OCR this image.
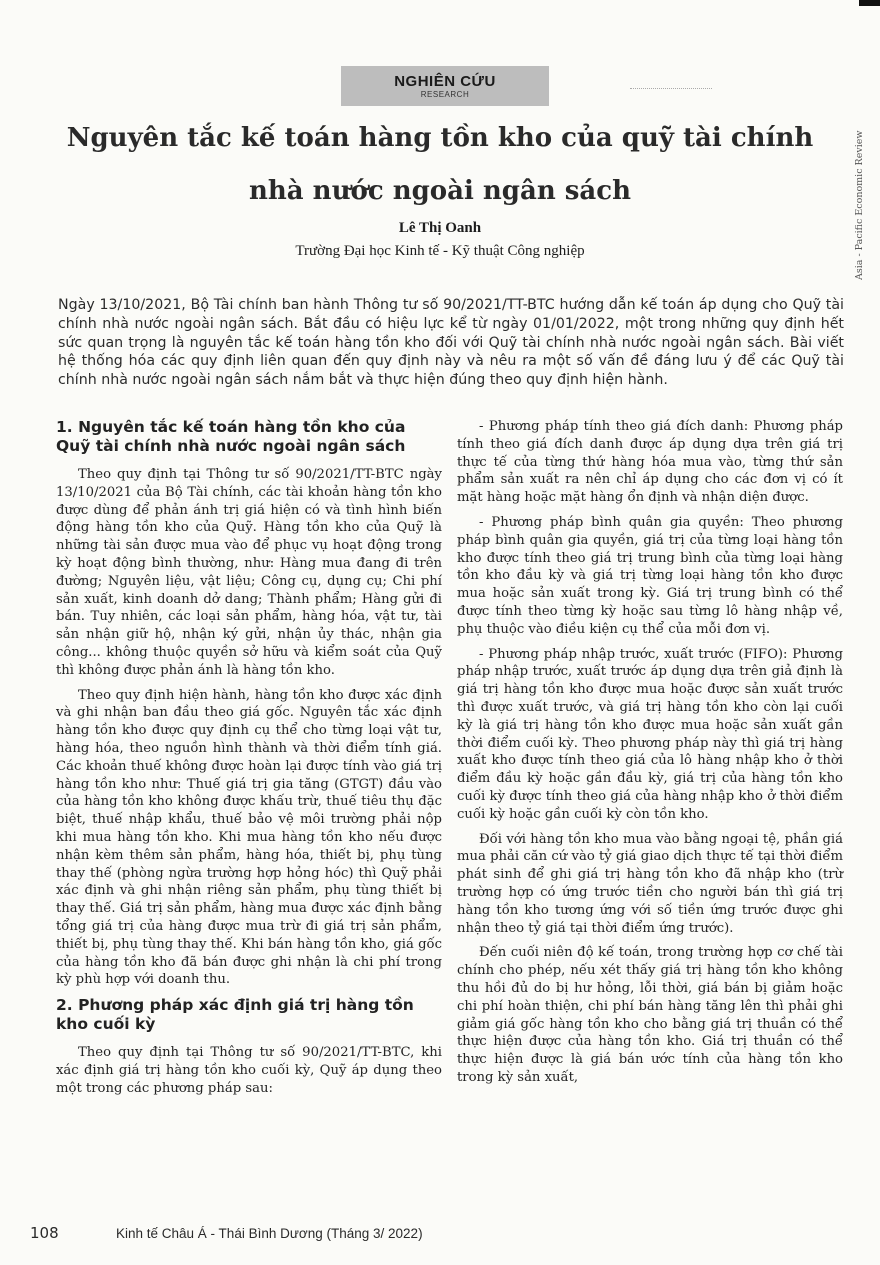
NGHIÊN CỨU
RESEARCH
Asia - Pacific Economic Review
Nguyên tắc kế toán hàng tồn kho của quỹ tài chính nhà nước ngoài ngân sách
Lê Thị Oanh
Trường Đại học Kinh tế - Kỹ thuật Công nghiệp

Ngày 13/10/2021, Bộ Tài chính ban hành Thông tư số 90/2021/TT-BTC hướng dẫn kế toán áp dụng cho Quỹ tài chính nhà nước ngoài ngân sách. Bắt đầu có hiệu lực kể từ ngày 01/01/2022, một trong những quy định hết sức quan trọng là nguyên tắc kế toán hàng tồn kho đối với Quỹ tài chính nhà nước ngoài ngân sách. Bài viết hệ thống hóa các quy định liên quan đến quy định này và nêu ra một số vấn đề đáng lưu ý để các Quỹ tài chính nhà nước ngoài ngân sách nắm bắt và thực hiện đúng theo quy định hiện hành.

1. Nguyên tắc kế toán hàng tồn kho của Quỹ tài chính nhà nước ngoài ngân sách

Theo quy định tại Thông tư số 90/2021/TT-BTC ngày 13/10/2021 của Bộ Tài chính, các tài khoản hàng tồn kho được dùng để phản ánh trị giá hiện có và tình hình biến động hàng tồn kho của Quỹ. Hàng tồn kho của Quỹ là những tài sản được mua vào để phục vụ hoạt động trong kỳ hoạt động bình thường, như: Hàng mua đang đi trên đường; Nguyên liệu, vật liệu; Công cụ, dụng cụ; Chi phí sản xuất, kinh doanh dở dang; Thành phẩm; Hàng gửi đi bán. Tuy nhiên, các loại sản phẩm, hàng hóa, vật tư, tài sản nhận giữ hộ, nhận ký gửi, nhận ủy thác, nhận gia công... không thuộc quyền sở hữu và kiểm soát của Quỹ thì không được phản ánh là hàng tồn kho.

Theo quy định hiện hành, hàng tồn kho được xác định và ghi nhận ban đầu theo giá gốc. Nguyên tắc xác định hàng tồn kho được quy định cụ thể cho từng loại vật tư, hàng hóa, theo nguồn hình thành và thời điểm tính giá. Các khoản thuế không được hoàn lại được tính vào giá trị hàng tồn kho như: Thuế giá trị gia tăng (GTGT) đầu vào của hàng tồn kho không được khấu trừ, thuế tiêu thụ đặc biệt, thuế nhập khẩu, thuế bảo vệ môi trường phải nộp khi mua hàng tồn kho. Khi mua hàng tồn kho nếu được nhận kèm thêm sản phẩm, hàng hóa, thiết bị, phụ tùng thay thế (phòng ngừa trường hợp hỏng hóc) thì Quỹ phải xác định và ghi nhận riêng sản phẩm, phụ tùng thiết bị thay thế. Giá trị sản phẩm, hàng mua được xác định bằng tổng giá trị của hàng được mua trừ đi giá trị sản phẩm, thiết bị, phụ tùng thay thế. Khi bán hàng tồn kho, giá gốc của hàng tồn kho đã bán được ghi nhận là chi phí trong kỳ phù hợp với doanh thu.

2. Phương pháp xác định giá trị hàng tồn kho cuối kỳ

Theo quy định tại Thông tư số 90/2021/TT-BTC, khi xác định giá trị hàng tồn kho cuối kỳ, Quỹ áp dụng theo một trong các phương pháp sau:

- Phương pháp tính theo giá đích danh: Phương pháp tính theo giá đích danh được áp dụng dựa trên giá trị thực tế của từng thứ hàng hóa mua vào, từng thứ sản phẩm sản xuất ra nên chỉ áp dụng cho các đơn vị có ít mặt hàng hoặc mặt hàng ổn định và nhận diện được.

- Phương pháp bình quân gia quyền: Theo phương pháp bình quân gia quyền, giá trị của từng loại hàng tồn kho được tính theo giá trị trung bình của từng loại hàng tồn kho đầu kỳ và giá trị từng loại hàng tồn kho được mua hoặc sản xuất trong kỳ. Giá trị trung bình có thể được tính theo từng kỳ hoặc sau từng lô hàng nhập về, phụ thuộc vào điều kiện cụ thể của mỗi đơn vị.

- Phương pháp nhập trước, xuất trước (FIFO): Phương pháp nhập trước, xuất trước áp dụng dựa trên giả định là giá trị hàng tồn kho được mua hoặc được sản xuất trước thì được xuất trước, và giá trị hàng tồn kho còn lại cuối kỳ là giá trị hàng tồn kho được mua hoặc sản xuất gần thời điểm cuối kỳ. Theo phương pháp này thì giá trị hàng xuất kho được tính theo giá của lô hàng nhập kho ở thời điểm đầu kỳ hoặc gần đầu kỳ, giá trị của hàng tồn kho cuối kỳ được tính theo giá của hàng nhập kho ở thời điểm cuối kỳ hoặc gần cuối kỳ còn tồn kho.

Đối với hàng tồn kho mua vào bằng ngoại tệ, phần giá mua phải căn cứ vào tỷ giá giao dịch thực tế tại thời điểm phát sinh để ghi giá trị hàng tồn kho đã nhập kho (trừ trường hợp có ứng trước tiền cho người bán thì giá trị hàng tồn kho tương ứng với số tiền ứng trước được ghi nhận theo tỷ giá tại thời điểm ứng trước).

Đến cuối niên độ kế toán, trong trường hợp cơ chế tài chính cho phép, nếu xét thấy giá trị hàng tồn kho không thu hồi đủ do bị hư hỏng, lỗi thời, giá bán bị giảm hoặc chi phí hoàn thiện, chi phí bán hàng tăng lên thì phải ghi giảm giá gốc hàng tồn kho cho bằng giá trị thuần có thể thực hiện được của hàng tồn kho. Giá trị thuần có thể thực hiện được là giá bán ước tính của hàng tồn kho trong kỳ sản xuất,

108	Kinh tế Châu Á - Thái Bình Dương (Tháng 3/ 2022)
